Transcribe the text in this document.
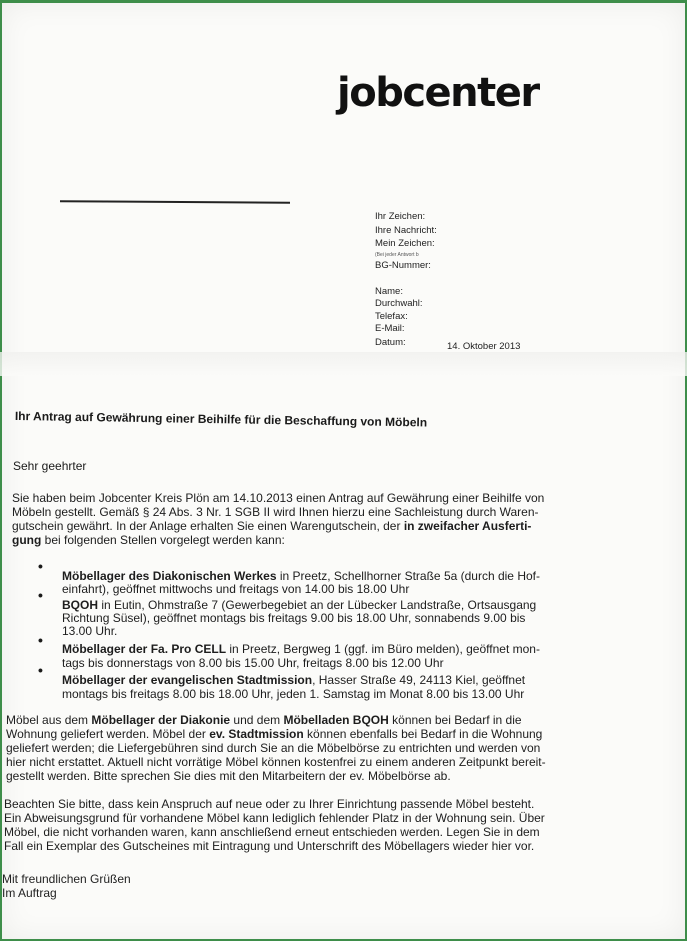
jobcenter
Ihr Zeichen:
Ihre Nachricht:
Mein Zeichen:
(Bei jeder Antwort b
BG-Nummer:
Name:
Durchwahl:
Telefax:
E-Mail:
Datum:	14. Oktober 2013
Ihr Antrag auf Gewährung einer Beihilfe für die Beschaffung von Möbeln
Sehr geehrter
Sie haben beim Jobcenter Kreis Plön am 14.10.2013 einen Antrag auf Gewährung einer Beihilfe von
Möbeln gestellt. Gemäß § 24 Abs. 3 Nr. 1 SGB II wird Ihnen hierzu eine Sachleistung durch Waren-
gutschein gewährt. In der Anlage erhalten Sie einen Warengutschein, der in zweifacher Ausferti-
gung bei folgenden Stellen vorgelegt werden kann:
•
Möbellager des Diakonischen Werkes in Preetz, Schellhorner Straße 5a (durch die Hof-
einfahrt), geöffnet mittwochs und freitags von 14.00 bis 18.00 Uhr
•
BQOH in Eutin, Ohmstraße 7 (Gewerbegebiet an der Lübecker Landstraße, Ortsausgang
Richtung Süsel), geöffnet montags bis freitags 9.00 bis 18.00 Uhr, sonnabends 9.00 bis
13.00 Uhr.
•
Möbellager der Fa. Pro CELL in Preetz, Bergweg 1 (ggf. im Büro melden), geöffnet mon-
tags bis donnerstags von 8.00 bis 15.00 Uhr, freitags 8.00 bis 12.00 Uhr
•
Möbellager der evangelischen Stadtmission, Hasser Straße 49, 24113 Kiel, geöffnet
montags bis freitags 8.00 bis 18.00 Uhr, jeden 1. Samstag im Monat 8.00 bis 13.00 Uhr
Möbel aus dem Möbellager der Diakonie und dem Möbelladen BQOH können bei Bedarf in die
Wohnung geliefert werden. Möbel der ev. Stadtmission können ebenfalls bei Bedarf in die Wohnung
geliefert werden; die Liefergebühren sind durch Sie an die Möbelbörse zu entrichten und werden von
hier nicht erstattet. Aktuell nicht vorrätige Möbel können kostenfrei zu einem anderen Zeitpunkt bereit-
gestellt werden. Bitte sprechen Sie dies mit den Mitarbeitern der ev. Möbelbörse ab.
Beachten Sie bitte, dass kein Anspruch auf neue oder zu Ihrer Einrichtung passende Möbel besteht.
Ein Abweisungsgrund für vorhandene Möbel kann lediglich fehlender Platz in der Wohnung sein. Über
Möbel, die nicht vorhanden waren, kann anschließend erneut entschieden werden. Legen Sie in dem
Fall ein Exemplar des Gutscheines mit Eintragung und Unterschrift des Möbellagers wieder hier vor.
Mit freundlichen Grüßen
Im Auftrag
